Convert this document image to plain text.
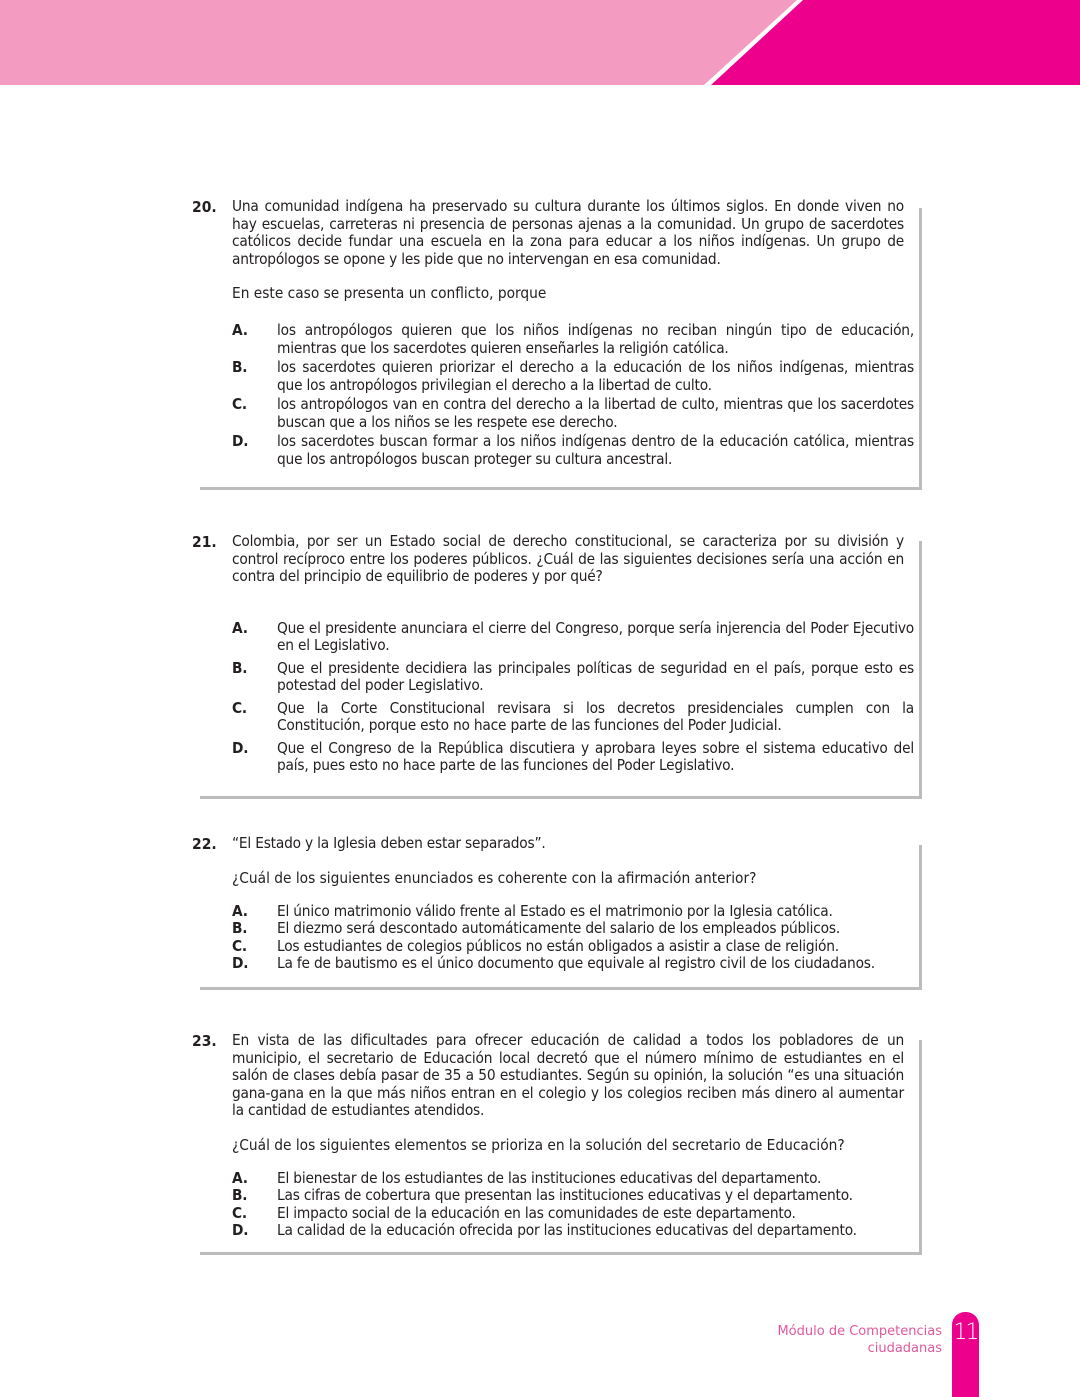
20. Una comunidad indígena ha preservado su cultura durante los últimos siglos. En donde viven no hay escuelas, carreteras ni presencia de personas ajenas a la comunidad. Un grupo de sacerdotes católicos decide fundar una escuela en la zona para educar a los niños indígenas. Un grupo de antropólogos se opone y les pide que no intervengan en esa comunidad.
En este caso se presenta un conflicto, porque
A.	los antropólogos quieren que los niños indígenas no reciban ningún tipo de educación, mientras que los sacerdotes quieren enseñarles la religión católica.
B.	los sacerdotes quieren priorizar el derecho a la educación de los niños indígenas, mientras que los antropólogos privilegian el derecho a la libertad de culto.
C.	los antropólogos van en contra del derecho a la libertad de culto, mientras que los sacerdotes buscan que a los niños se les respete ese derecho.
D.	los sacerdotes buscan formar a los niños indígenas dentro de la educación católica, mientras que los antropólogos buscan proteger su cultura ancestral.
21. Colombia, por ser un Estado social de derecho constitucional, se caracteriza por su división y control recíproco entre los poderes públicos. ¿Cuál de las siguientes decisiones sería una acción en contra del principio de equilibrio de poderes y por qué?
A.	Que el presidente anunciara el cierre del Congreso, porque sería injerencia del Poder Ejecutivo en el Legislativo.
B.	Que el presidente decidiera las principales políticas de seguridad en el país, porque esto es potestad del poder Legislativo.
C.	Que la Corte Constitucional revisara si los decretos presidenciales cumplen con la Constitución, porque esto no hace parte de las funciones del Poder Judicial.
D.	Que el Congreso de la República discutiera y aprobara leyes sobre el sistema educativo del país, pues esto no hace parte de las funciones del Poder Legislativo.
22. “El Estado y la Iglesia deben estar separados”.
¿Cuál de los siguientes enunciados es coherente con la afirmación anterior?
A.	El único matrimonio válido frente al Estado es el matrimonio por la Iglesia católica.
B.	El diezmo será descontado automáticamente del salario de los empleados públicos.
C.	Los estudiantes de colegios públicos no están obligados a asistir a clase de religión.
D.	La fe de bautismo es el único documento que equivale al registro civil de los ciudadanos.
23. En vista de las dificultades para ofrecer educación de calidad a todos los pobladores de un municipio, el secretario de Educación local decretó que el número mínimo de estudiantes en el salón de clases debía pasar de 35 a 50 estudiantes. Según su opinión, la solución “es una situación gana-gana en la que más niños entran en el colegio y los colegios reciben más dinero al aumentar la cantidad de estudiantes atendidos.
¿Cuál de los siguientes elementos se prioriza en la solución del secretario de Educación?
A.	El bienestar de los estudiantes de las instituciones educativas del departamento.
B.	Las cifras de cobertura que presentan las instituciones educativas y el departamento.
C.	El impacto social de la educación en las comunidades de este departamento.
D.	La calidad de la educación ofrecida por las instituciones educativas del departamento.
Módulo de Competencias
ciudadanas
11
